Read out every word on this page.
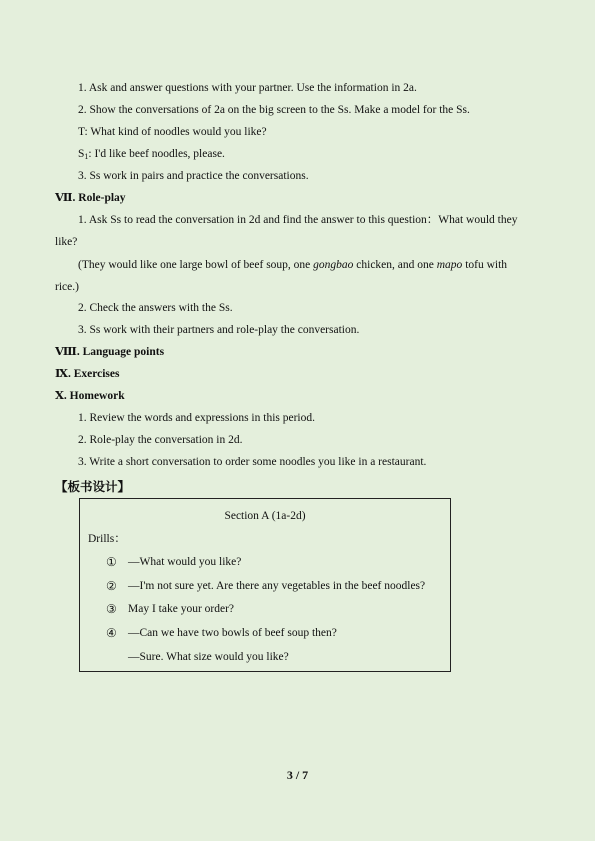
1. Ask and answer questions with your partner. Use the information in 2a.
2. Show the conversations of 2a on the big screen to the Ss. Make a model for the Ss.
T: What kind of noodles would you like?
$S_1$: I'd like beef noodles, please.
3. Ss work in pairs and practice the conversations.
Ⅶ. Role-play
1. Ask Ss to read the conversation in 2d and find the answer to this question：What would they
like?
(They would like one large bowl of beef soup, one gongbao chicken, and one mapo tofu with
rice.)
2. Check the answers with the Ss.
3. Ss work with their partners and role-play the conversation.
Ⅷ. Language points
Ⅸ. Exercises
Ⅹ. Homework
1. Review the words and expressions in this period.
2. Role-play the conversation in 2d.
3. Write a short conversation to order some noodles you like in a restaurant.
【板书设计】
Section A (1a-2d)
Drills：
① —What would you like?
② —I'm not sure yet. Are there any vegetables in the beef noodles?
③ May I take your order?
④ —Can we have two bowls of beef soup then?
—Sure. What size would you like?
3 / 7
